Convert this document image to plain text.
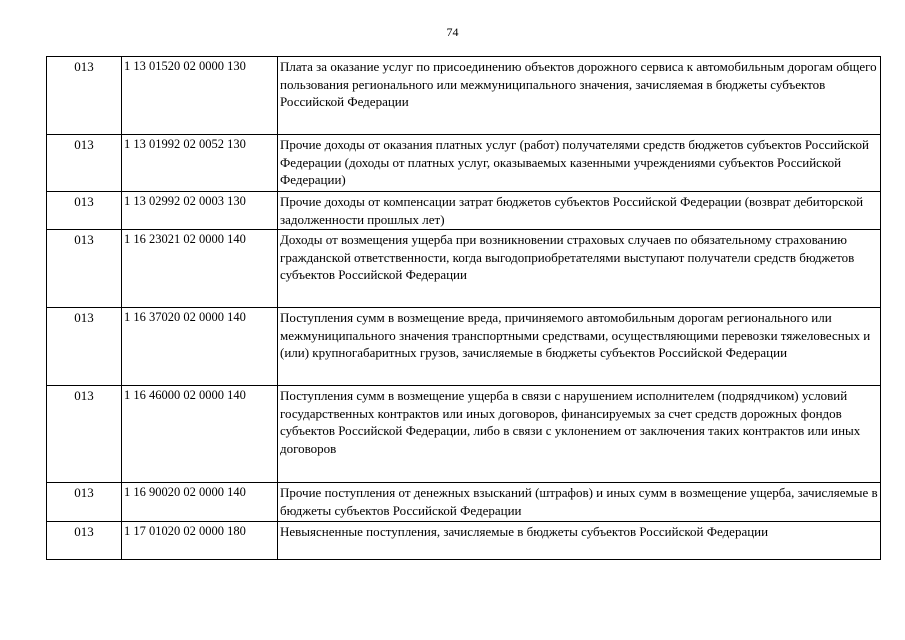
74
013	1 13 01520 02 0000 130	Плата за оказание услуг по присоединению объектов дорожного сервиса к автомобильным дорогам общего пользования регионального или межмуниципального значения, зачисляемая в бюджеты субъектов Российской Федерации
013	1 13 01992 02 0052 130	Прочие доходы от оказания платных услуг (работ) получателями средств бюджетов субъектов Российской Федерации (доходы от платных услуг, оказываемых казенными учреждениями субъектов Российской Федерации)
013	1 13 02992 02 0003 130	Прочие доходы от компенсации затрат бюджетов субъектов Российской Федерации (возврат дебиторской задолженности прошлых лет)
013	1 16 23021 02 0000 140	Доходы от возмещения ущерба при возникновении страховых случаев по обязательному страхованию гражданской ответственности, когда выгодоприобретателями выступают получатели средств бюджетов субъектов Российской Федерации
013	1 16 37020 02 0000 140	Поступления сумм в возмещение вреда, причиняемого автомобильным дорогам регионального или межмуниципального значения транспортными средствами, осуществляющими перевозки тяжеловесных и (или) крупногабаритных грузов, зачисляемые в бюджеты субъектов Российской Федерации
013	1 16 46000 02 0000 140	Поступления сумм в возмещение ущерба в связи с нарушением исполнителем (подрядчиком) условий государственных контрактов или иных договоров, финансируемых за счет средств дорожных фондов субъектов Российской Федерации, либо в связи с уклонением от заключения таких контрактов или иных договоров
013	1 16 90020 02 0000 140	Прочие поступления от денежных взысканий (штрафов) и иных сумм в возмещение ущерба, зачисляемые в бюджеты субъектов Российской Федерации
013	1 17 01020 02 0000 180	Невыясненные поступления, зачисляемые в бюджеты субъектов Российской Федерации
